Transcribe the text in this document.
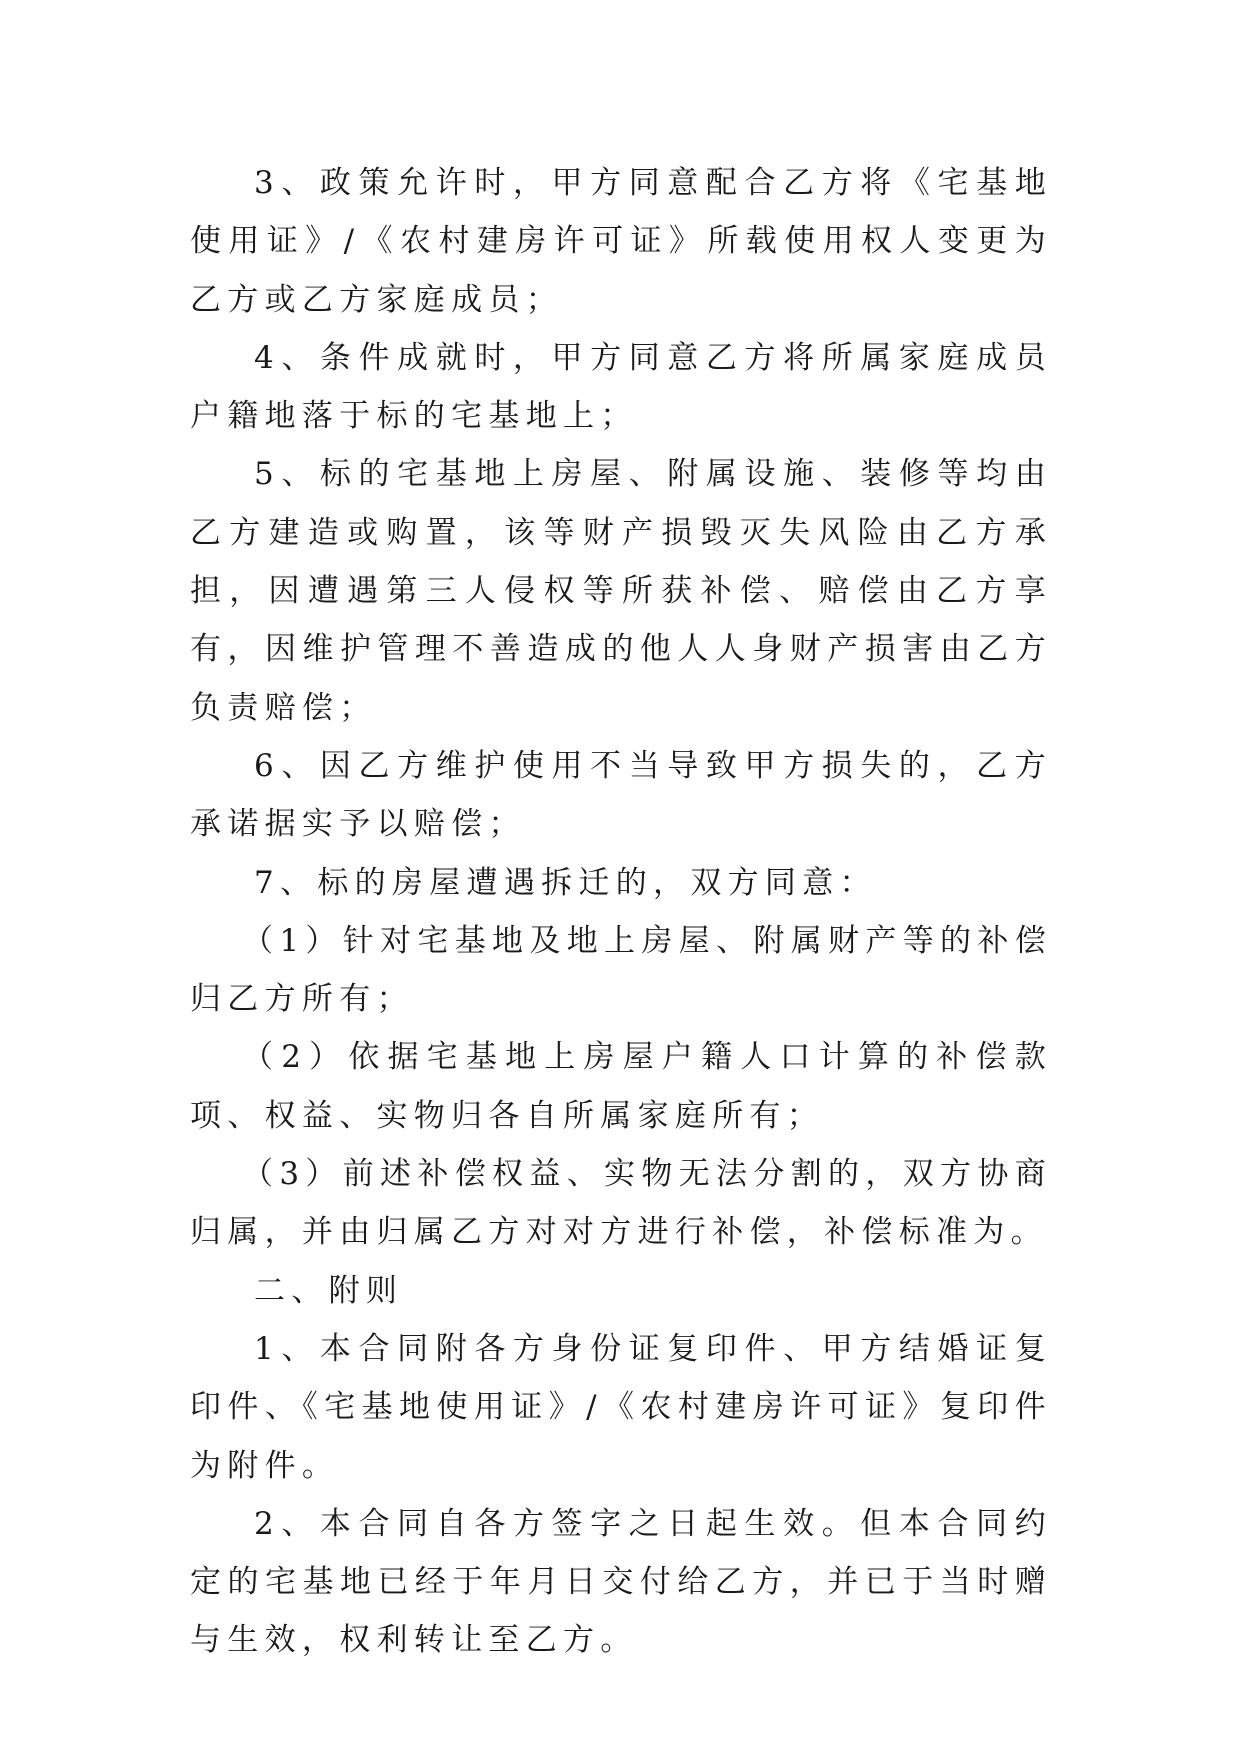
3、政策允许时，甲方同意配合乙方将《宅基地使用证》/《农村建房许可证》所载使用权人变更为乙方或乙方家庭成员；

4、条件成就时，甲方同意乙方将所属家庭成员户籍地落于标的宅基地上；

5、标的宅基地上房屋、附属设施、装修等均由乙方建造或购置，该等财产损毁灭失风险由乙方承担，因遭遇第三人侵权等所获补偿、赔偿由乙方享有，因维护管理不善造成的他人人身财产损害由乙方负责赔偿；

6、因乙方维护使用不当导致甲方损失的，乙方承诺据实予以赔偿；

7、标的房屋遭遇拆迁的，双方同意：

（1）针对宅基地及地上房屋、附属财产等的补偿归乙方所有；

（2）依据宅基地上房屋户籍人口计算的补偿款项、权益、实物归各自所属家庭所有；

（3）前述补偿权益、实物无法分割的，双方协商归属，并由归属乙方对对方进行补偿，补偿标准为。

二、附则

1、本合同附各方身份证复印件、甲方结婚证复印件、《宅基地使用证》/《农村建房许可证》复印件为附件。

2、本合同自各方签字之日起生效。但本合同约定的宅基地已经于年月日交付给乙方，并已于当时赠与生效，权利转让至乙方。
